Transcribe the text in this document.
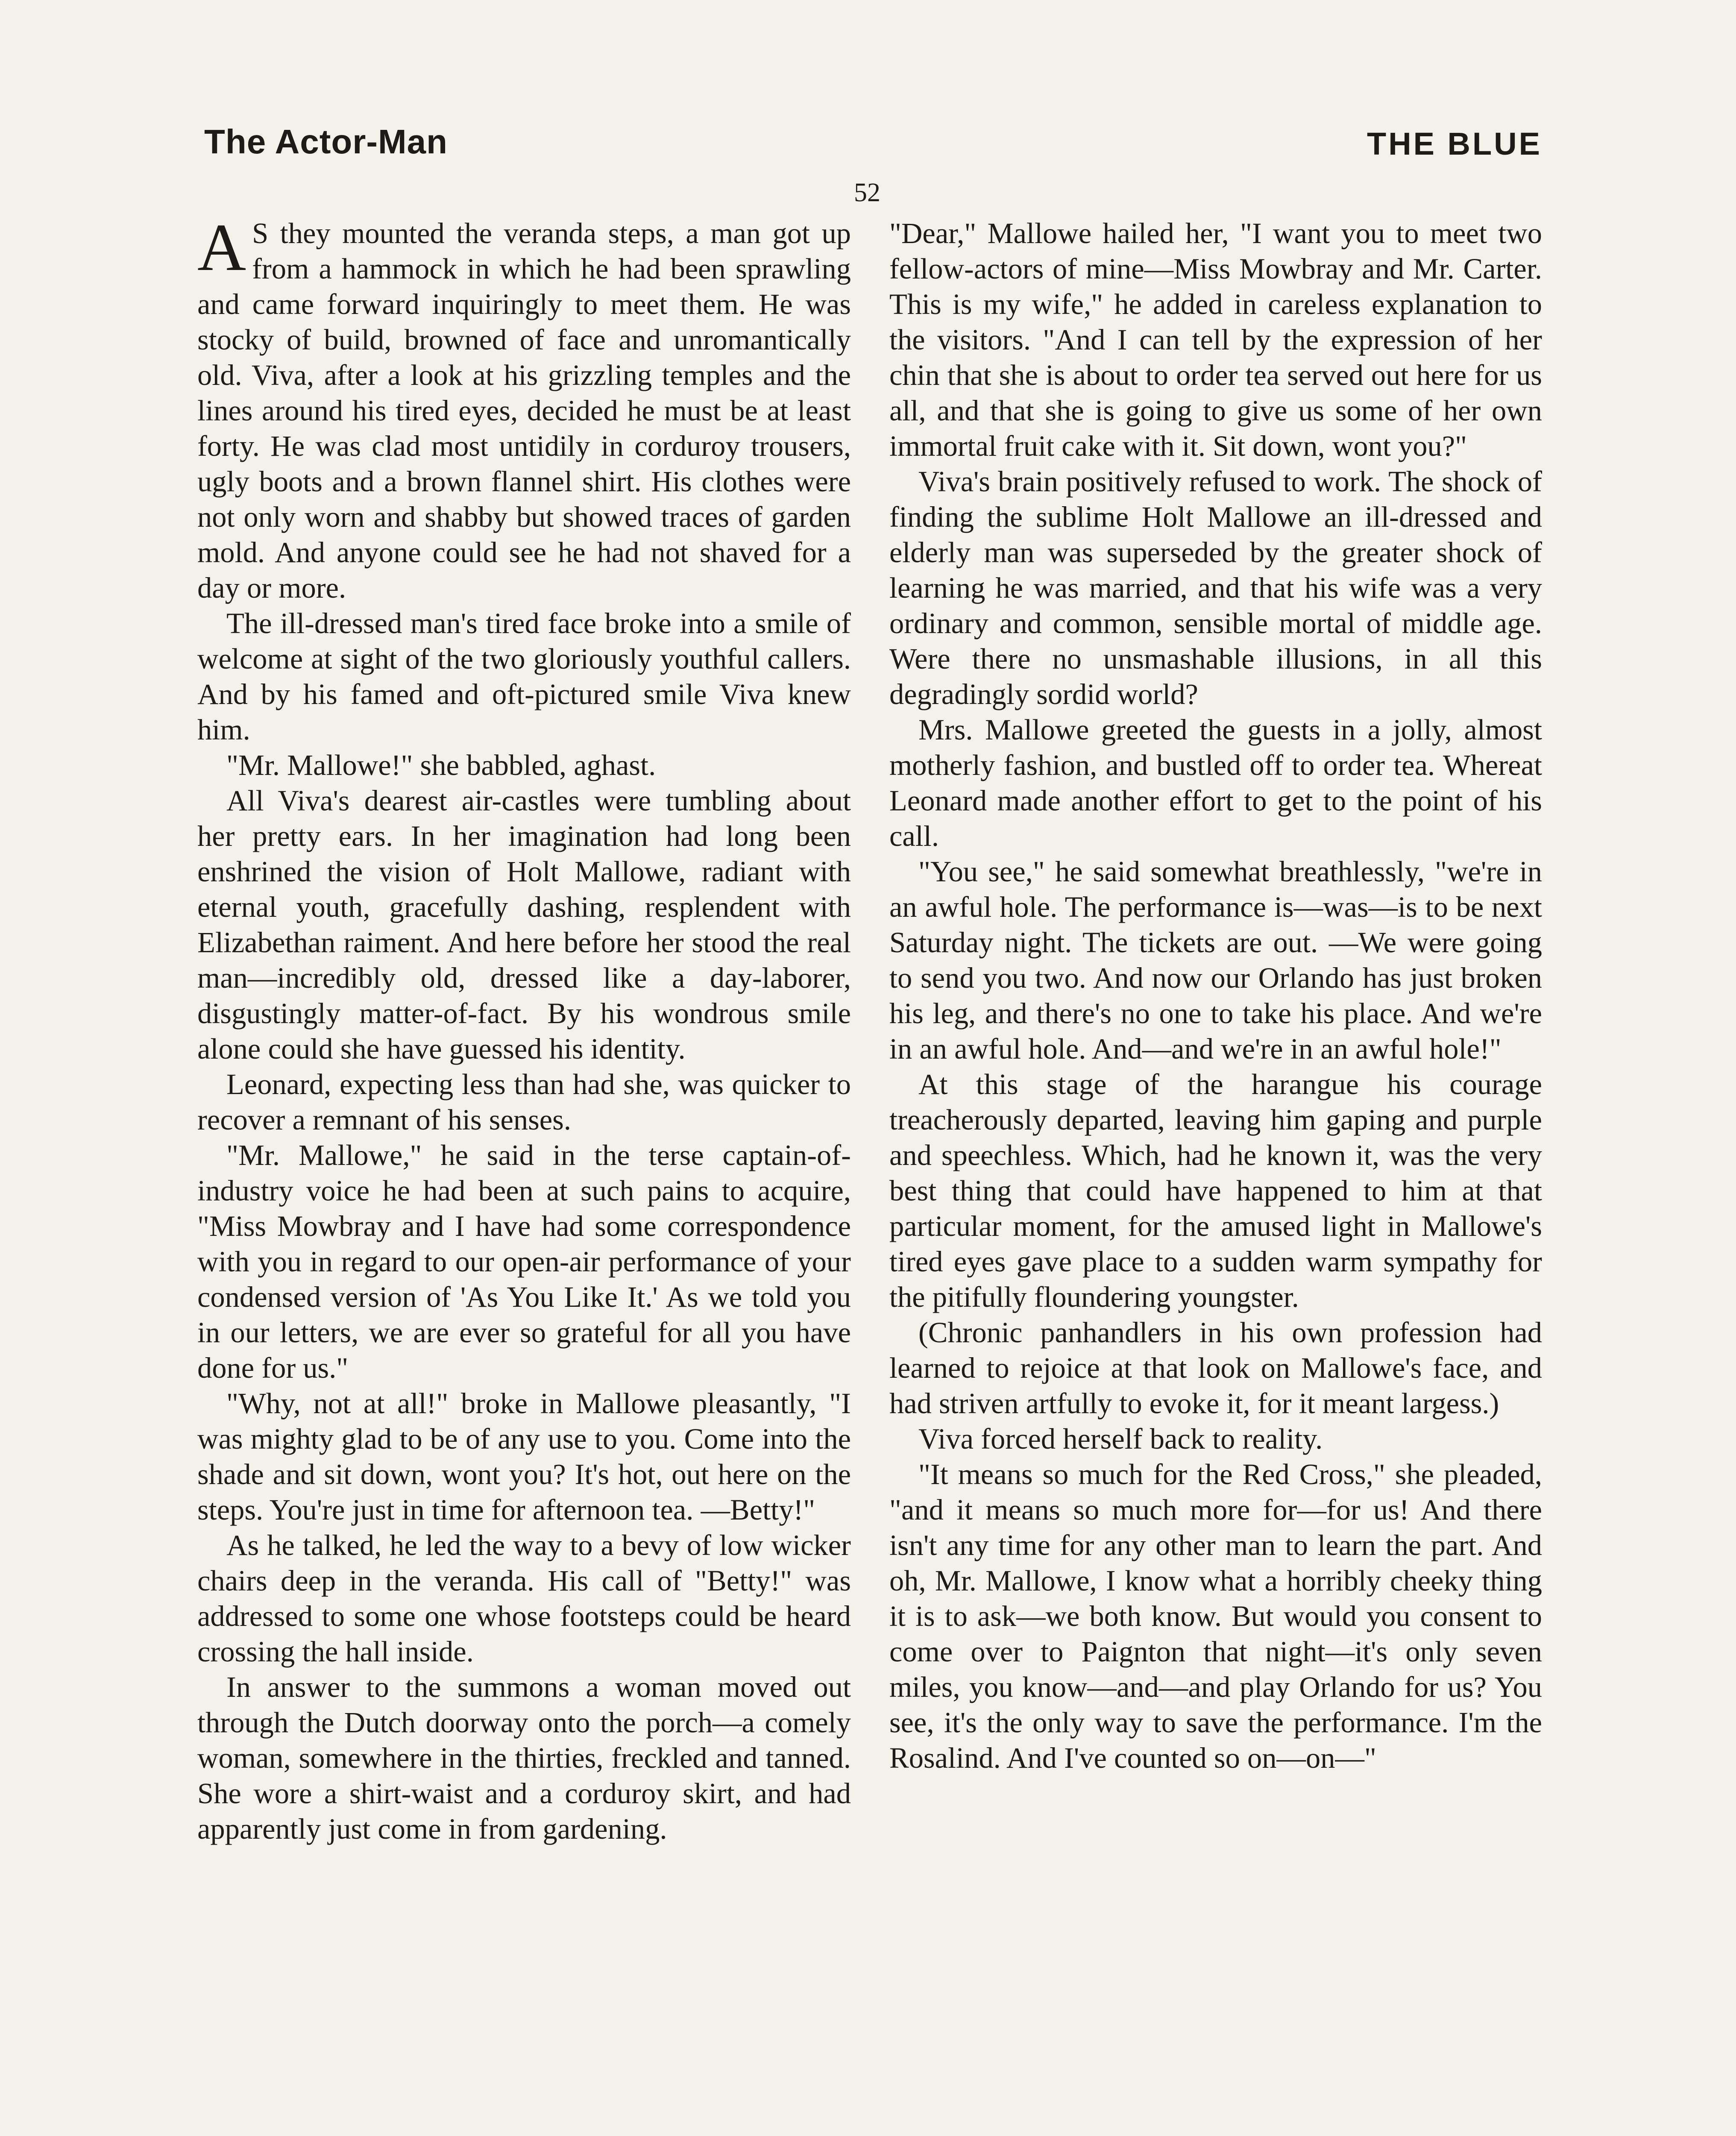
The Actor-Man	THE BLUE
52

A S they mounted the veranda steps, a man got up from a hammock in which he had been sprawling and came forward inquiringly to meet them. He was stocky of build, browned of face and unromantically old. Viva, after a look at his grizzling temples and the lines around his tired eyes, decided he must be at least forty. He was clad most untidily in corduroy trousers, ugly boots and a brown flannel shirt. His clothes were not only worn and shabby but showed traces of garden mold. And anyone could see he had not shaved for a day or more.

The ill-dressed man's tired face broke into a smile of welcome at sight of the two gloriously youthful callers. And by his famed and oft-pictured smile Viva knew him.

"Mr. Mallowe!" she babbled, aghast.

All Viva's dearest air-castles were tumbling about her pretty ears. In her imagination had long been enshrined the vision of Holt Mallowe, radiant with eternal youth, gracefully dashing, resplendent with Elizabethan raiment. And here before her stood the real man—incredibly old, dressed like a day-laborer, disgustingly matter-of-fact. By his wondrous smile alone could she have guessed his identity.

Leonard, expecting less than had she, was quicker to recover a remnant of his senses.

"Mr. Mallowe," he said in the terse captain-of-industry voice he had been at such pains to acquire, "Miss Mowbray and I have had some correspondence with you in regard to our open-air performance of your condensed version of 'As You Like It.' As we told you in our letters, we are ever so grateful for all you have done for us."

"Why, not at all!" broke in Mallowe pleasantly, "I was mighty glad to be of any use to you. Come into the shade and sit down, wont you? It's hot, out here on the steps. You're just in time for afternoon tea. —Betty!"

As he talked, he led the way to a bevy of low wicker chairs deep in the veranda. His call of "Betty!" was addressed to some one whose footsteps could be heard crossing the hall inside.

In answer to the summons a woman moved out through the Dutch doorway onto the porch—a comely woman, somewhere in the thirties, freckled and tanned. She wore a shirt-waist and a corduroy skirt, and had apparently just come in from gardening.

"Dear," Mallowe hailed her, "I want you to meet two fellow-actors of mine—Miss Mowbray and Mr. Carter. This is my wife," he added in careless explanation to the visitors. "And I can tell by the expression of her chin that she is about to order tea served out here for us all, and that she is going to give us some of her own immortal fruit cake with it. Sit down, wont you?"

Viva's brain positively refused to work. The shock of finding the sublime Holt Mallowe an ill-dressed and elderly man was superseded by the greater shock of learning he was married, and that his wife was a very ordinary and common, sensible mortal of middle age. Were there no unsmashable illusions, in all this degradingly sordid world?

Mrs. Mallowe greeted the guests in a jolly, almost motherly fashion, and bustled off to order tea. Whereat Leonard made another effort to get to the point of his call.

"You see," he said somewhat breathlessly, "we're in an awful hole. The performance is—was—is to be next Saturday night. The tickets are out. —We were going to send you two. And now our Orlando has just broken his leg, and there's no one to take his place. And we're in an awful hole. And—and we're in an awful hole!"

At this stage of the harangue his courage treacherously departed, leaving him gaping and purple and speechless. Which, had he known it, was the very best thing that could have happened to him at that particular moment, for the amused light in Mallowe's tired eyes gave place to a sudden warm sympathy for the pitifully floundering youngster.

(Chronic panhandlers in his own profession had learned to rejoice at that look on Mallowe's face, and had striven artfully to evoke it, for it meant largess.)

Viva forced herself back to reality.

"It means so much for the Red Cross," she pleaded, "and it means so much more for—for us! And there isn't any time for any other man to learn the part. And oh, Mr. Mallowe, I know what a horribly cheeky thing it is to ask—we both know. But would you consent to come over to Paignton that night—it's only seven miles, you know—and—and play Orlando for us? You see, it's the only way to save the performance. I'm the Rosalind. And I've counted so on—on—"
